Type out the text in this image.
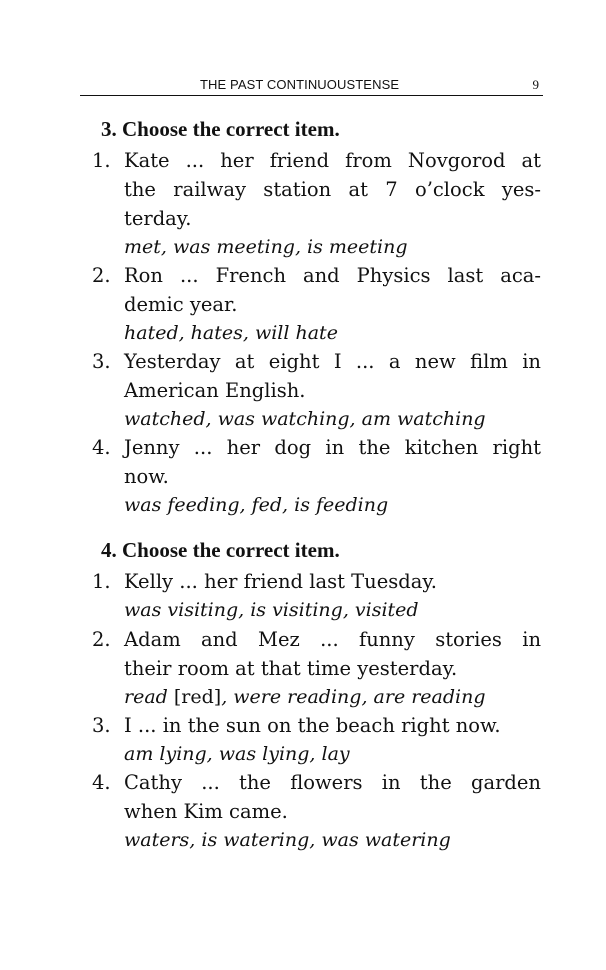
THE PAST CONTINUOUSTENSE	9
3. Choose the correct item.
1. Kate ... her friend from Novgorod at
the railway station at 7 o’clock yes-
terday.
met, was meeting, is meeting
2. Ron ... French and Physics last aca-
demic year.
hated, hates, will hate
3. Yesterday at eight I ... a new film in
American English.
watched, was watching, am watching
4. Jenny ... her dog in the kitchen right
now.
was feeding, fed, is feeding
4. Choose the correct item.
1. Kelly ... her friend last Tuesday.
was visiting, is visiting, visited
2. Adam and Mez ... funny stories in
their room at that time yesterday.
read [red], were reading, are reading
3. I ... in the sun on the beach right now.
am lying, was lying, lay
4. Cathy ... the flowers in the garden
when Kim came.
waters, is watering, was watering
